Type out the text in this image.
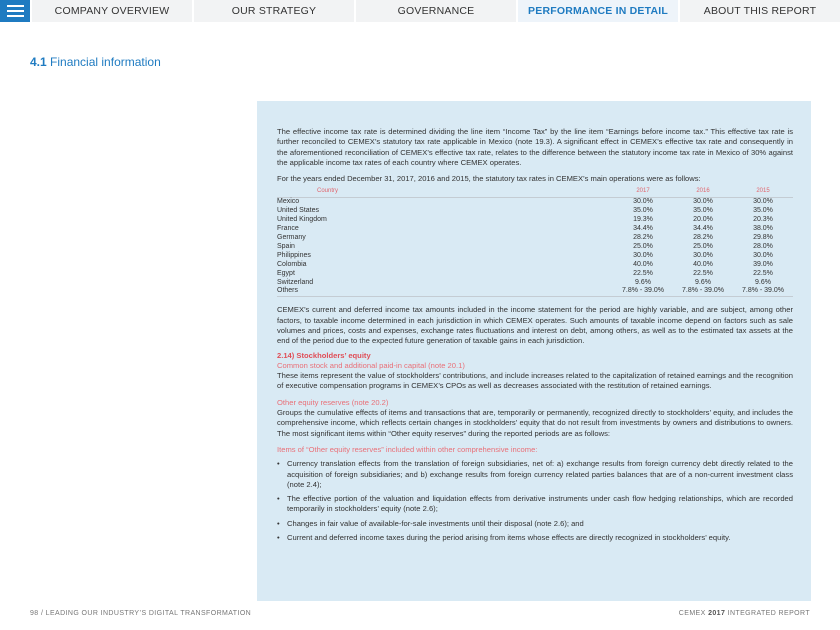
COMPANY OVERVIEW	OUR STRATEGY	GOVERNANCE	PERFORMANCE IN DETAIL	ABOUT THIS REPORT
4.1 Financial information

The effective income tax rate is determined dividing the line item “Income Tax” by the line item “Earnings before income tax.” This effective tax rate is further reconciled to CEMEX’s statutory tax rate applicable in Mexico (note 19.3). A significant effect in CEMEX’s effective tax rate and consequently in the aforementioned reconciliation of CEMEX’s effective tax rate, relates to the difference between the statutory income tax rate in Mexico of 30% against the applicable income tax rates of each country where CEMEX operates.

For the years ended December 31, 2017, 2016 and 2015, the statutory tax rates in CEMEX’s main operations were as follows:

Country	2017	2016	2015
Mexico	30.0%	30.0%	30.0%
United States	35.0%	35.0%	35.0%
United Kingdom	19.3%	20.0%	20.3%
France	34.4%	34.4%	38.0%
Germany	28.2%	28.2%	29.8%
Spain	25.0%	25.0%	28.0%
Philippines	30.0%	30.0%	30.0%
Colombia	40.0%	40.0%	39.0%
Egypt	22.5%	22.5%	22.5%
Switzerland	9.6%	9.6%	9.6%
Others	7.8% - 39.0%	7.8% - 39.0%	7.8% - 39.0%

CEMEX’s current and deferred income tax amounts included in the income statement for the period are highly variable, and are subject, among other factors, to taxable income determined in each jurisdiction in which CEMEX operates. Such amounts of taxable income depend on factors such as sale volumes and prices, costs and expenses, exchange rates fluctuations and interest on debt, among others, as well as to the estimated tax assets at the end of the period due to the expected future generation of taxable gains in each jurisdiction.

2.14) Stockholders’ equity

Common stock and additional paid-in capital (note 20.1)

These items represent the value of stockholders’ contributions, and include increases related to the capitalization of retained earnings and the recognition of executive compensation programs in CEMEX’s CPOs as well as decreases associated with the restitution of retained earnings.

Other equity reserves (note 20.2)

Groups the cumulative effects of items and transactions that are, temporarily or permanently, recognized directly to stockholders’ equity, and includes the comprehensive income, which reflects certain changes in stockholders’ equity that do not result from investments by owners and distributions to owners. The most significant items within “Other equity reserves” during the reported periods are as follows:

Items of “Other equity reserves” included within other comprehensive income:

• Currency translation effects from the translation of foreign subsidiaries, net of: a) exchange results from foreign currency debt directly related to the acquisition of foreign subsidiaries; and b) exchange results from foreign currency related parties balances that are of a non-current investment class (note 2.4);
• The effective portion of the valuation and liquidation effects from derivative instruments under cash flow hedging relationships, which are recorded temporarily in stockholders’ equity (note 2.6);
• Changes in fair value of available-for-sale investments until their disposal (note 2.6); and
• Current and deferred income taxes during the period arising from items whose effects are directly recognized in stockholders’ equity.
98 / LEADING OUR INDUSTRY’S DIGITAL TRANSFORMATION	CEMEX 2017 INTEGRATED REPORT
